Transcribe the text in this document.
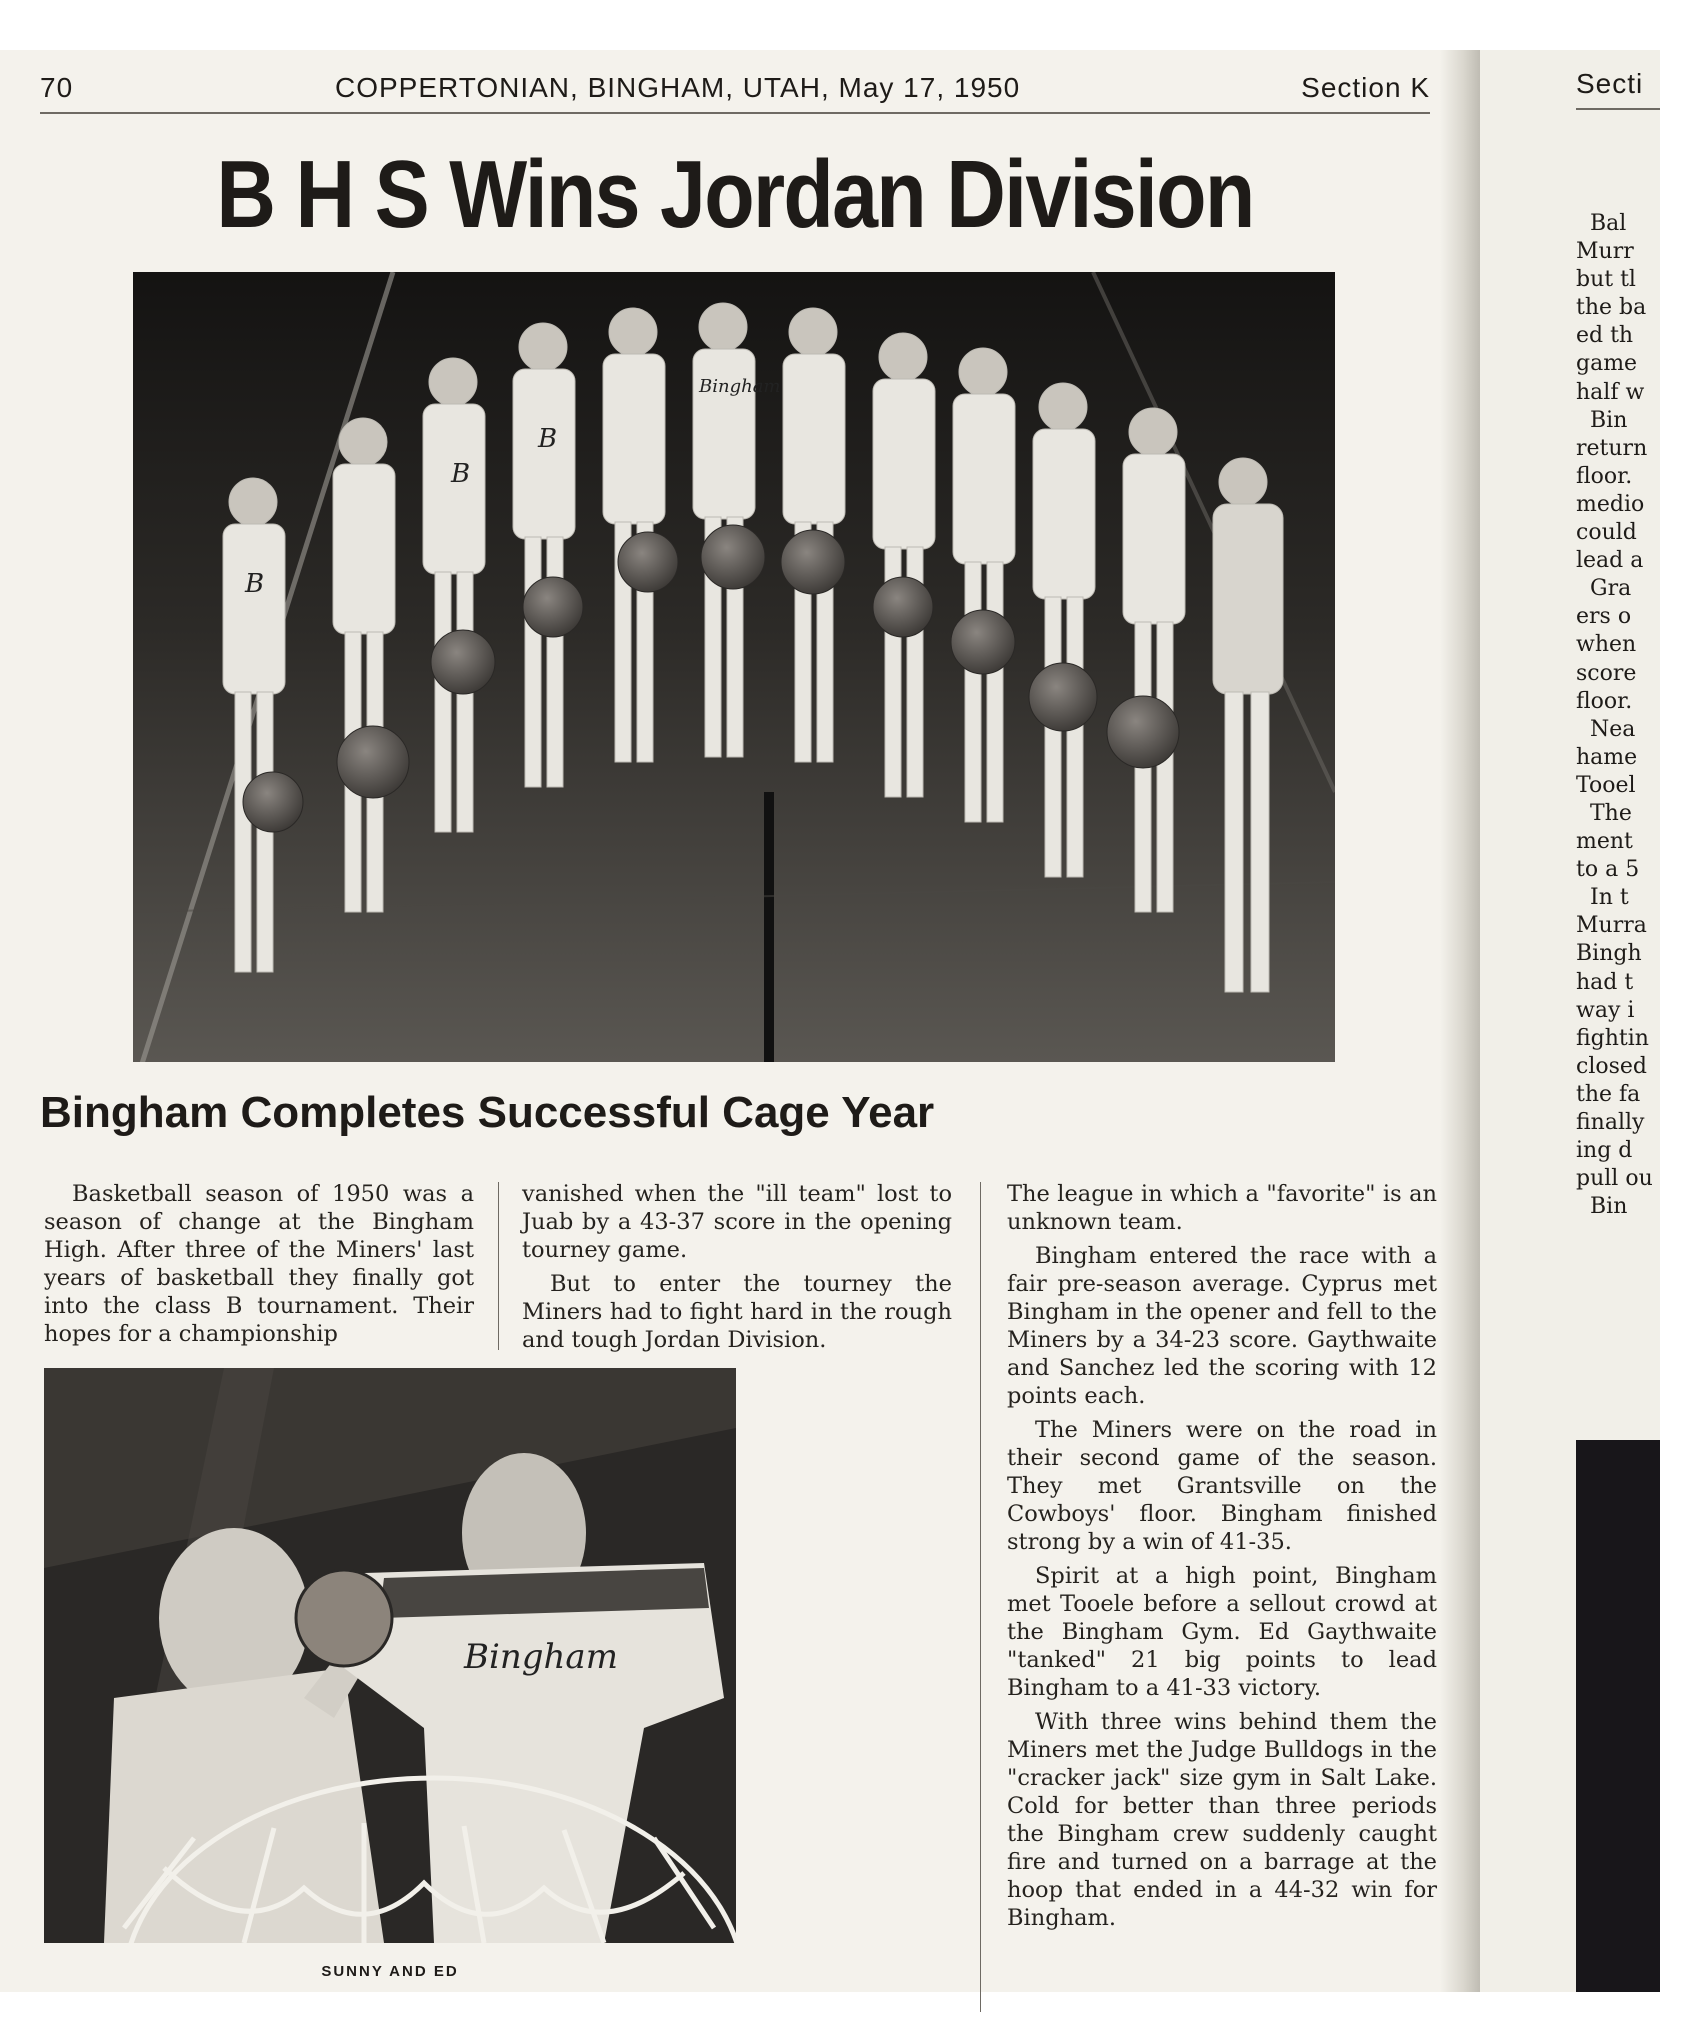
70	COPPERTONIAN, BINGHAM, UTAH, May 17, 1950	Section K
B H S Wins Jordan Division
B
B
B
Bingham
Bingham Completes Successful Cage Year

Basketball season of 1950 was a season of change at the Bingham High. After three of the Miners' last years of basketball they finally got into the class B tournament. Their hopes for a championship

vanished when the "ill team" lost to Juab by a 43-37 score in the opening tourney game.

But to enter the tourney the Miners had to fight hard in the rough and tough Jordan Division.

The league in which a "favorite" is an unknown team.

Bingham entered the race with a fair pre-season average. Cyprus met Bingham in the opener and fell to the Miners by a 34-23 score. Gaythwaite and Sanchez led the scoring with 12 points each.

The Miners were on the road in their second game of the season. They met Grantsville on the Cowboys' floor. Bingham finished strong by a win of 41-35.

Spirit at a high point, Bingham met Tooele before a sellout crowd at the Bingham Gym. Ed Gaythwaite "tanked" 21 big points to lead Bingham to a 41-33 victory.

With three wins behind them the Miners met the Judge Bulldogs in the "cracker jack" size gym in Salt Lake. Cold for better than three periods the Bingham crew suddenly caught fire and turned on a barrage at the hoop that ended in a 44-32 win for Bingham.

Bingham
SUNNY AND ED
Secti
Bal
Murr
but tl
the ba
ed th
game
half w
Bin
return
floor.
medio
could
lead a
Gra
ers o
when
score
floor.
Nea
hame
Tooel
The
ment
to a 5
In t
Murra
Bingh
had t
way i
fightin
closed
the fa
finally
ing d
pull ou
Bin
